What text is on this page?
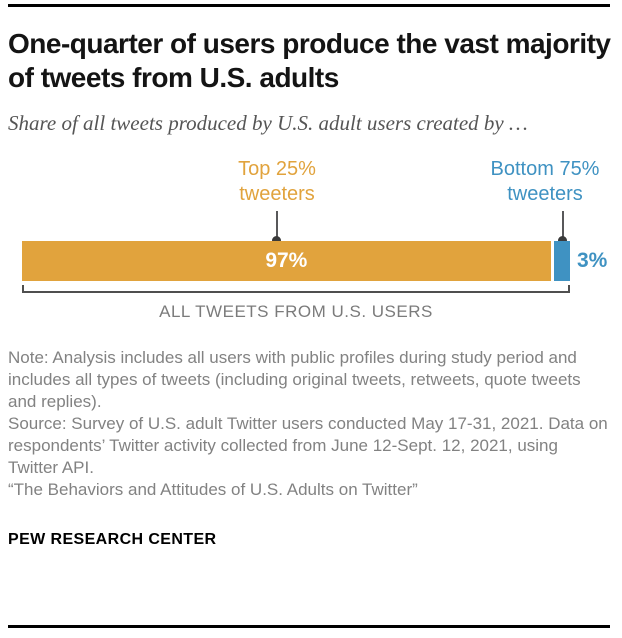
One-quarter of users produce the vast majority of tweets from U.S. adults

Share of all tweets produced by U.S. adult users created by …

Top 25%
tweeters
Bottom 75%
tweeters
97%	3%
ALL TWEETS FROM U.S. USERS

Note: Analysis includes all users with public profiles during study period and includes all types of tweets (including original tweets, retweets, quote tweets and replies).

Source: Survey of U.S. adult Twitter users conducted May 17-31, 2021. Data on respondents’ Twitter activity collected from June 12-Sept. 12, 2021, using Twitter API.

“The Behaviors and Attitudes of U.S. Adults on Twitter”

PEW RESEARCH CENTER
